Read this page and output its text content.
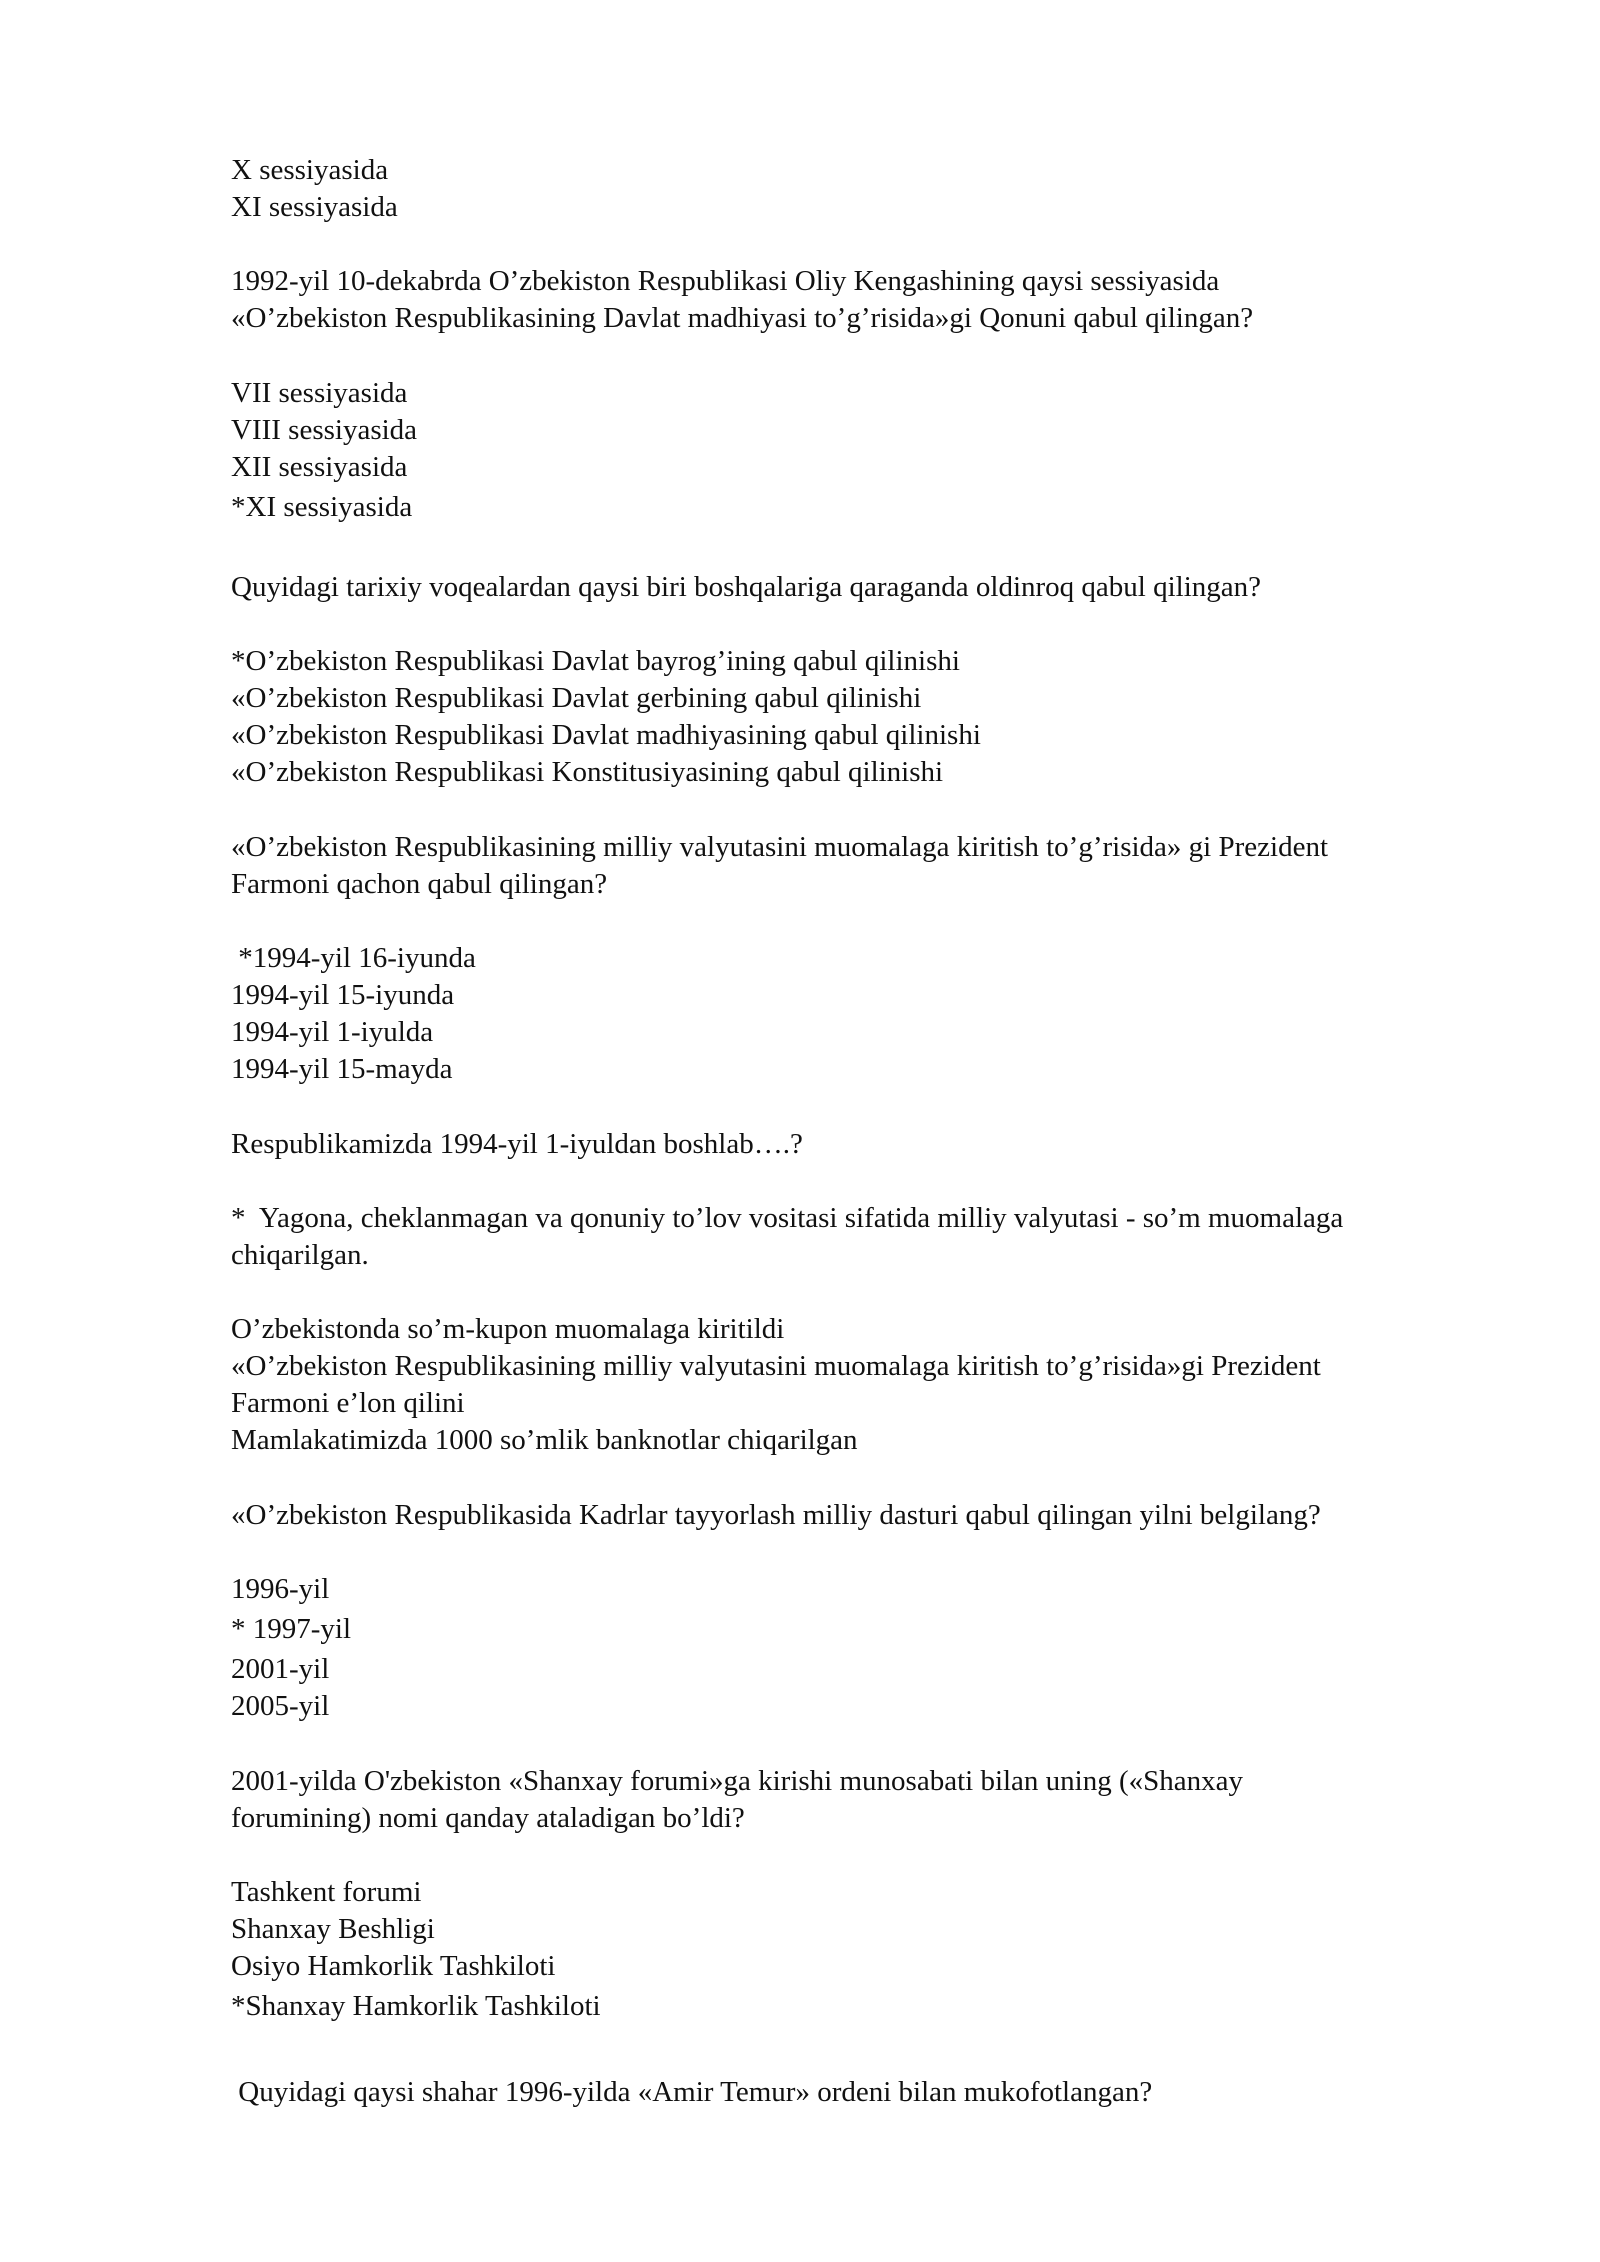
X sessiyasida
XI sessiyasida
1992-yil 10-dekabrda O’zbekiston Respublikasi Oliy Kengashining qaysi sessiyasida
«O’zbekiston Respublikasining Davlat madhiyasi to’g’risida»gi Qonuni qabul qilingan?
VII sessiyasida
VIII sessiyasida
XII sessiyasida
*XI sessiyasida
Quyidagi tarixiy voqealardan qaysi biri boshqalariga qaraganda oldinroq qabul qilingan?
*O’zbekiston Respublikasi Davlat bayrog’ining qabul qilinishi
«O’zbekiston Respublikasi Davlat gerbining qabul qilinishi
«O’zbekiston Respublikasi Davlat madhiyasining qabul qilinishi
«O’zbekiston Respublikasi Konstitusiyasining qabul qilinishi
«O’zbekiston Respublikasining milliy valyutasini muomalaga kiritish to’g’risida» gi Prezident
Farmoni qachon qabul qilingan?
*1994-yil 16-iyunda
1994-yil 15-iyunda
1994-yil 1-iyulda
1994-yil 15-mayda
Respublikamizda 1994-yil 1-iyuldan boshlab….?
*  Yagona, cheklanmagan va qonuniy to’lov vositasi sifatida milliy valyutasi - so’m muomalaga
chiqarilgan.
O’zbekistonda so’m-kupon muomalaga kiritildi
«O’zbekiston Respublikasining milliy valyutasini muomalaga kiritish to’g’risida»gi Prezident
Farmoni e’lon qilini
Mamlakatimizda 1000 so’mlik banknotlar chiqarilgan
«O’zbekiston Respublikasida Kadrlar tayyorlash milliy dasturi qabul qilingan yilni belgilang?
1996-yil
* 1997-yil
2001-yil
2005-yil
2001-yilda O'zbekiston «Shanxay forumi»ga kirishi munosabati bilan uning («Shanxay
forumining) nomi qanday ataladigan bo’ldi?
Tashkent forumi
Shanxay Beshligi
Osiyo Hamkorlik Tashkiloti
*Shanxay Hamkorlik Tashkiloti
Quyidagi qaysi shahar 1996-yilda «Amir Temur» ordeni bilan mukofotlangan?
